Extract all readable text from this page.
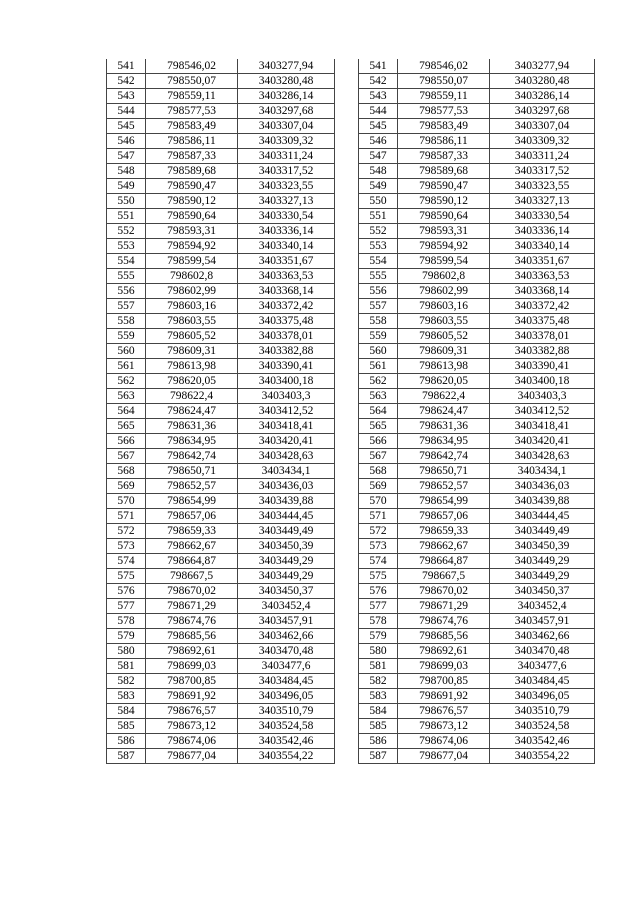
541	798546,02	3403277,94
542	798550,07	3403280,48
543	798559,11	3403286,14
544	798577,53	3403297,68
545	798583,49	3403307,04
546	798586,11	3403309,32
547	798587,33	3403311,24
548	798589,68	3403317,52
549	798590,47	3403323,55
550	798590,12	3403327,13
551	798590,64	3403330,54
552	798593,31	3403336,14
553	798594,92	3403340,14
554	798599,54	3403351,67
555	798602,8	3403363,53
556	798602,99	3403368,14
557	798603,16	3403372,42
558	798603,55	3403375,48
559	798605,52	3403378,01
560	798609,31	3403382,88
561	798613,98	3403390,41
562	798620,05	3403400,18
563	798622,4	3403403,3
564	798624,47	3403412,52
565	798631,36	3403418,41
566	798634,95	3403420,41
567	798642,74	3403428,63
568	798650,71	3403434,1
569	798652,57	3403436,03
570	798654,99	3403439,88
571	798657,06	3403444,45
572	798659,33	3403449,49
573	798662,67	3403450,39
574	798664,87	3403449,29
575	798667,5	3403449,29
576	798670,02	3403450,37
577	798671,29	3403452,4
578	798674,76	3403457,91
579	798685,56	3403462,66
580	798692,61	3403470,48
581	798699,03	3403477,6
582	798700,85	3403484,45
583	798691,92	3403496,05
584	798676,57	3403510,79
585	798673,12	3403524,58
586	798674,06	3403542,46
587	798677,04	3403554,22
541	798546,02	3403277,94
542	798550,07	3403280,48
543	798559,11	3403286,14
544	798577,53	3403297,68
545	798583,49	3403307,04
546	798586,11	3403309,32
547	798587,33	3403311,24
548	798589,68	3403317,52
549	798590,47	3403323,55
550	798590,12	3403327,13
551	798590,64	3403330,54
552	798593,31	3403336,14
553	798594,92	3403340,14
554	798599,54	3403351,67
555	798602,8	3403363,53
556	798602,99	3403368,14
557	798603,16	3403372,42
558	798603,55	3403375,48
559	798605,52	3403378,01
560	798609,31	3403382,88
561	798613,98	3403390,41
562	798620,05	3403400,18
563	798622,4	3403403,3
564	798624,47	3403412,52
565	798631,36	3403418,41
566	798634,95	3403420,41
567	798642,74	3403428,63
568	798650,71	3403434,1
569	798652,57	3403436,03
570	798654,99	3403439,88
571	798657,06	3403444,45
572	798659,33	3403449,49
573	798662,67	3403450,39
574	798664,87	3403449,29
575	798667,5	3403449,29
576	798670,02	3403450,37
577	798671,29	3403452,4
578	798674,76	3403457,91
579	798685,56	3403462,66
580	798692,61	3403470,48
581	798699,03	3403477,6
582	798700,85	3403484,45
583	798691,92	3403496,05
584	798676,57	3403510,79
585	798673,12	3403524,58
586	798674,06	3403542,46
587	798677,04	3403554,22
